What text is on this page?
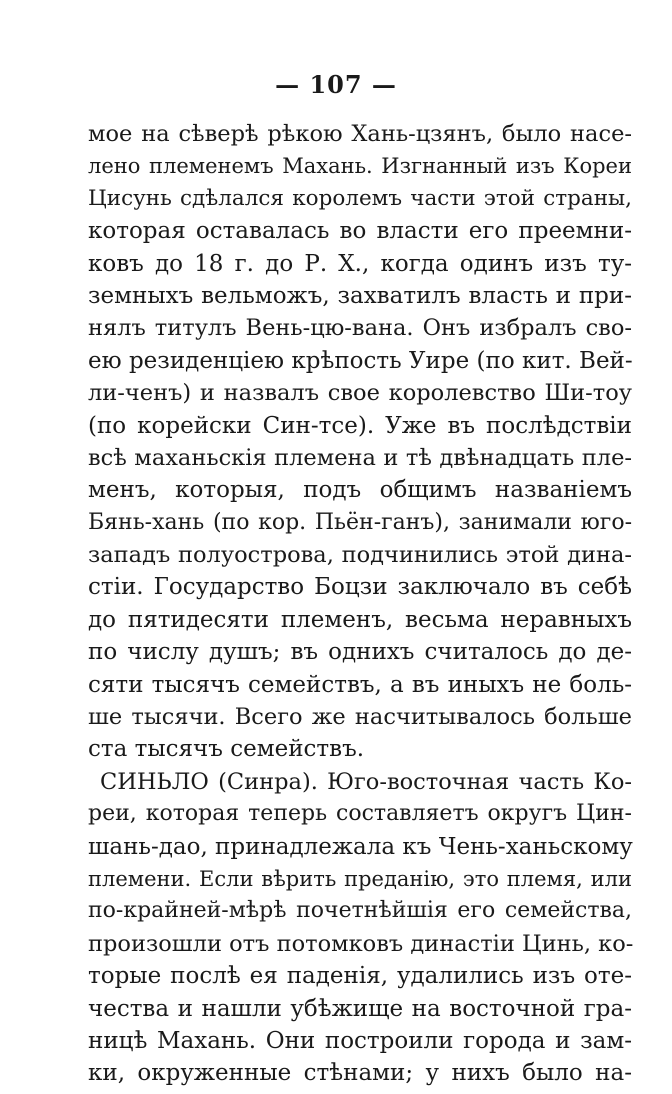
— 107 —
мое на сѣверѣ рѣкою Хань-цзянъ, было насе-
лено племенемъ Махань. Изгнанный изъ Кореи
Цисунь сдѣлался королемъ части этой страны,
которая оставалась во власти его преемни-
ковъ до 18 г. до Р. Х., когда одинъ изъ ту-
земныхъ вельможъ, захватилъ власть и при-
нялъ титулъ Вень-цю-вана. Онъ избралъ сво-
ею резиденціею крѣпость Уире (по кит. Вей-
ли-ченъ) и назвалъ свое королевство Ши-тоу
(по корейски Син-тсе). Уже въ послѣдствіи
всѣ маханьскія племена и тѣ двѣнадцать пле-
менъ, которыя, подъ общимъ названіемъ
Бянь-хань (по кор. Пьён-ганъ), занимали юго-
западъ полуострова, подчинились этой дина-
стіи. Государство Боцзи заключало въ себѣ
до пятидесяти племенъ, весьма неравныхъ
по числу душъ; въ однихъ считалось до де-
сяти тысячъ семействъ, а въ иныхъ не боль-
ше тысячи. Всего же насчитывалось больше
ста тысячъ семействъ.
СИНЬЛО (Синра). Юго-восточная часть Ко-
реи, которая теперь составляетъ округъ Цин-
шань-дао, принадлежала къ Чень-ханьскому
племени. Если вѣрить преданію, это племя, или
по-крайней-мѣрѣ почетнѣйшія его семейства,
произошли отъ потомковъ династіи Цинь, ко-
торые послѣ ея паденія, удалились изъ оте-
чества и нашли убѣжище на восточной гра-
ницѣ Махань. Они построили города и зам-
ки, окруженные стѣнами; у нихъ было на-
